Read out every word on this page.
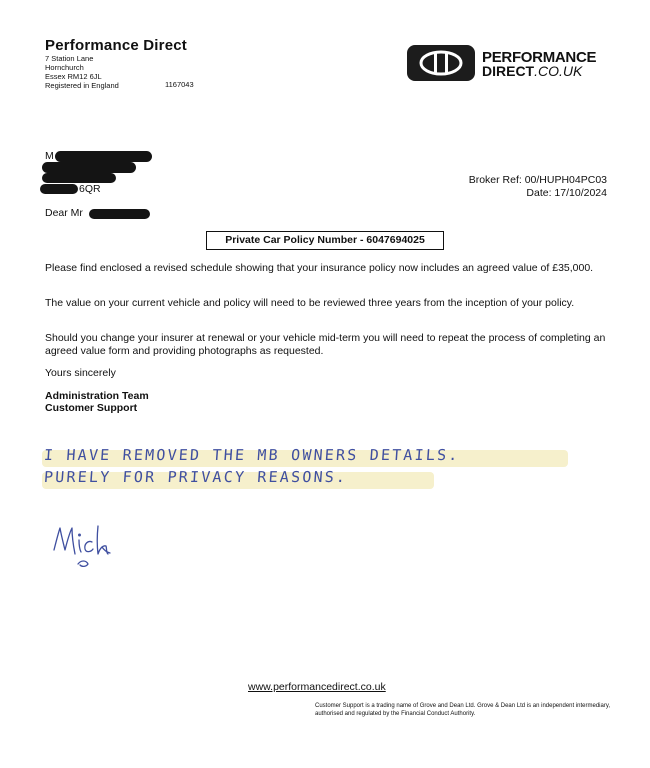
Performance Direct
7 Station Lane
Hornchurch
Essex RM12 6JL
Registered in England	1167043
PERFORMANCE
DIRECT.CO.UK
M
6QR
Dear Mr
Broker Ref: 00/HUPH04PC03
Date: 17/10/2024
Private Car Policy Number - 6047694025
Please find enclosed a revised schedule showing that your insurance policy now includes an agreed value of £35,000.
The value on your current vehicle and policy will need to be reviewed three years from the inception of your policy.
Should you change your insurer at renewal or your vehicle mid-term you will need to repeat the process of completing an agreed value form and providing photographs as requested.
Yours sincerely
Administration Team
Customer Support
I HAVE REMOVED THE MB OWNERS DETAILS.
PURELY FOR PRIVACY REASONS.
www.performancedirect.co.uk
Customer Support is a trading name of Grove and Dean Ltd. Grove & Dean Ltd is an independent intermediary, authorised and regulated by the Financial Conduct Authority.
